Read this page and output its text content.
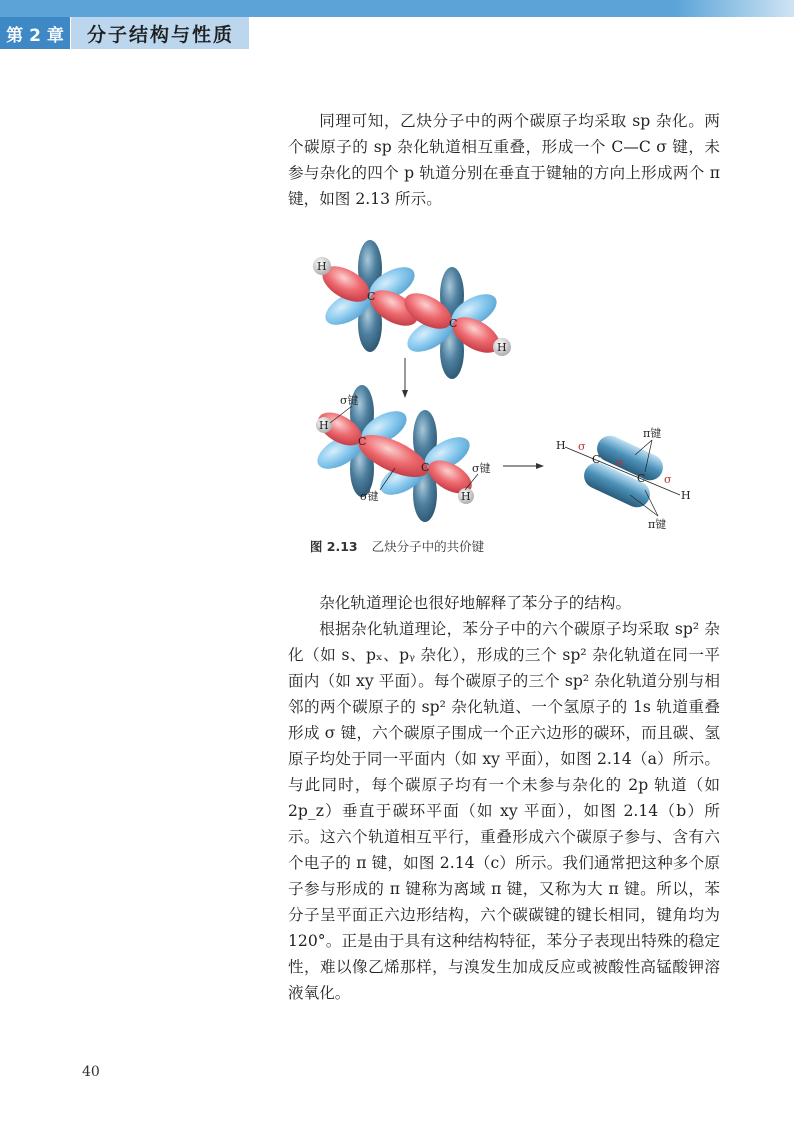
第 2 章	分子结构与性质

同理可知，乙炔分子中的两个碳原子均采取 sp 杂化。两个碳原子的 sp 杂化轨道相互重叠，形成一个 C—C σ 键，未参与杂化的四个 p 轨道分别在垂直于键轴的方向上形成两个 π 键，如图 2.13 所示。

C
H
C
H
C
C
H
H
σ键
σ键
σ键
H
C
C
H
σ
σ
σ
π键
π键
图 2.13 乙炔分子中的共价键

杂化轨道理论也很好地解释了苯分子的结构。

根据杂化轨道理论，苯分子中的六个碳原子均采取 sp² 杂化（如 s、pₓ、pᵧ 杂化），形成的三个 sp² 杂化轨道在同一平面内（如 xy 平面）。每个碳原子的三个 sp² 杂化轨道分别与相邻的两个碳原子的 sp² 杂化轨道、一个氢原子的 1s 轨道重叠形成 σ 键，六个碳原子围成一个正六边形的碳环，而且碳、氢原子均处于同一平面内（如 xy 平面），如图 2.14（a）所示。与此同时，每个碳原子均有一个未参与杂化的 2p 轨道（如 2p_z）垂直于碳环平面（如 xy 平面），如图 2.14（b）所示。这六个轨道相互平行，重叠形成六个碳原子参与、含有六个电子的 π 键，如图 2.14（c）所示。我们通常把这种多个原子参与形成的 π 键称为离域 π 键，又称为大 π 键。所以，苯分子呈平面正六边形结构，六个碳碳键的键长相同，键角均为 120°。正是由于具有这种结构特征，苯分子表现出特殊的稳定性，难以像乙烯那样，与溴发生加成反应或被酸性高锰酸钾溶液氧化。

40
